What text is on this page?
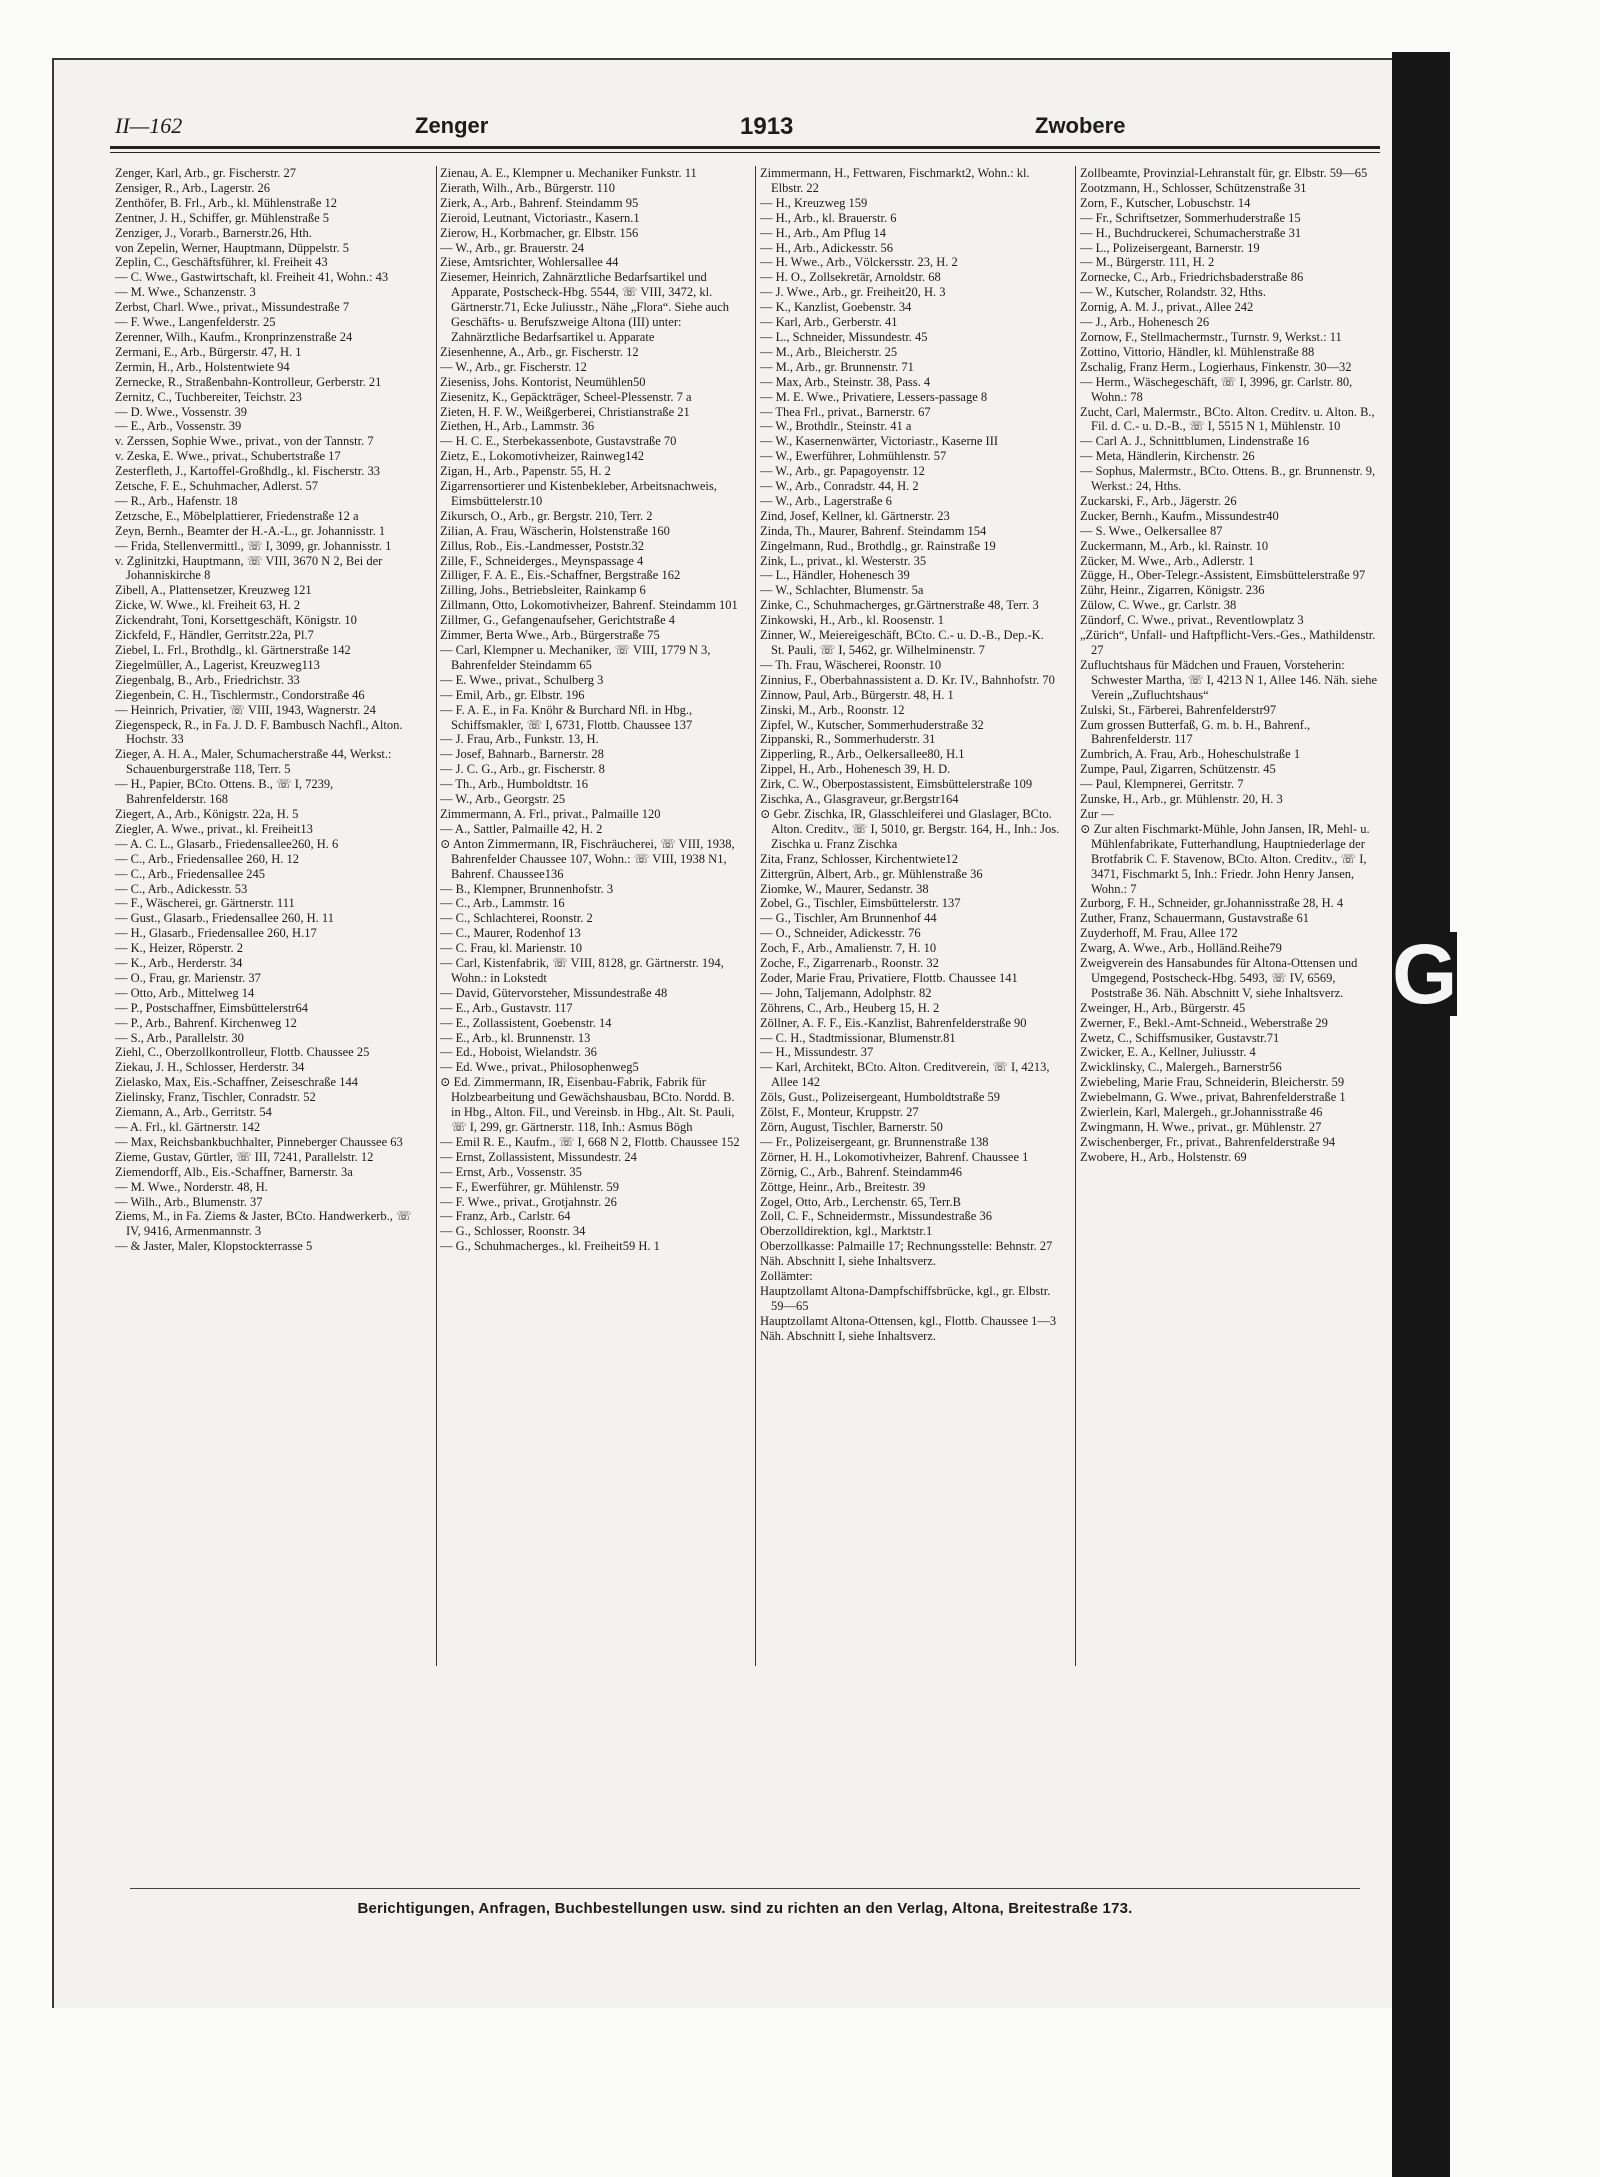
G
II—162	Zenger	1913	Zwobere

Zenger, Karl, Arb., gr. Fischerstr. 27

Zensiger, R., Arb., Lagerstr. 26

Zenthöfer, B. Frl., Arb., kl. Mühlenstraße 12

Zentner, J. H., Schiffer, gr. Mühlenstraße 5

Zenziger, J., Vorarb., Barnerstr.26, Hth.

von Zepelin, Werner, Hauptmann, Düppelstr. 5

Zeplin, C., Geschäftsführer, kl. Freiheit 43

— C. Wwe., Gastwirtschaft, kl. Freiheit 41, Wohn.: 43

— M. Wwe., Schanzenstr. 3

Zerbst, Charl. Wwe., privat., Missundestraße 7

— F. Wwe., Langenfelderstr. 25

Zerenner, Wilh., Kaufm., Kronprinzenstraße 24

Zermani, E., Arb., Bürgerstr. 47, H. 1

Zermin, H., Arb., Holstentwiete 94

Zernecke, R., Straßenbahn-Kontrolleur, Gerberstr. 21

Zernitz, C., Tuchbereiter, Teichstr. 23

— D. Wwe., Vossenstr. 39

— E., Arb., Vossenstr. 39

v. Zerssen, Sophie Wwe., privat., von der Tannstr. 7

v. Zeska, E. Wwe., privat., Schubertstraße 17

Zesterfleth, J., Kartoffel-Großhdlg., kl. Fischerstr. 33

Zetsche, F. E., Schuhmacher, Adlerst. 57

— R., Arb., Hafenstr. 18

Zetzsche, E., Möbelplattierer, Friedenstraße 12 a

Zeyn, Bernh., Beamter der H.-A.-L., gr. Johannisstr. 1

— Frida, Stellenvermittl., ☏ I, 3099, gr. Johannisstr. 1

v. Zglinitzki, Hauptmann, ☏ VIII, 3670 N 2, Bei der Johanniskirche 8

Zibell, A., Plattensetzer, Kreuzweg 121

Zicke, W. Wwe., kl. Freiheit 63, H. 2

Zickendraht, Toni, Korsettgeschäft, Königstr. 10

Zickfeld, F., Händler, Gerritstr.22a, Pl.7

Ziebel, L. Frl., Brothdlg., kl. Gärtnerstraße 142

Ziegelmüller, A., Lagerist, Kreuzweg113

Ziegenbalg, B., Arb., Friedrichstr. 33

Ziegenbein, C. H., Tischlermstr., Condorstraße 46

— Heinrich, Privatier, ☏ VIII, 1943, Wagnerstr. 24

Ziegenspeck, R., in Fa. J. D. F. Bambusch Nachfl., Alton. Hochstr. 33

Zieger, A. H. A., Maler, Schumacherstraße 44, Werkst.: Schauenburgerstraße 118, Terr. 5

— H., Papier, BCto. Ottens. B., ☏ I, 7239, Bahrenfelderstr. 168

Ziegert, A., Arb., Königstr. 22a, H. 5

Ziegler, A. Wwe., privat., kl. Freiheit13

— A. C. L., Glasarb., Friedensallee260, H. 6

— C., Arb., Friedensallee 260, H. 12

— C., Arb., Friedensallee 245

— C., Arb., Adickesstr. 53

— F., Wäscherei, gr. Gärtnerstr. 111

— Gust., Glasarb., Friedensallee 260, H. 11

— H., Glasarb., Friedensallee 260, H.17

— K., Heizer, Röperstr. 2

— K., Arb., Herderstr. 34

— O., Frau, gr. Marienstr. 37

— Otto, Arb., Mittelweg 14

— P., Postschaffner, Eimsbüttelerstr64

— P., Arb., Bahrenf. Kirchenweg 12

— S., Arb., Parallelstr. 30

Ziehl, C., Oberzollkontrolleur, Flottb. Chaussee 25

Ziekau, J. H., Schlosser, Herderstr. 34

Zielasko, Max, Eis.-Schaffner, Zeiseschraße 144

Zielinsky, Franz, Tischler, Conradstr. 52

Ziemann, A., Arb., Gerritstr. 54

— A. Frl., kl. Gärtnerstr. 142

— Max, Reichsbankbuchhalter, Pinneberger Chaussee 63

Zieme, Gustav, Gürtler, ☏ III, 7241, Parallelstr. 12

Ziemendorff, Alb., Eis.-Schaffner, Barnerstr. 3a

— M. Wwe., Norderstr. 48, H.

— Wilh., Arb., Blumenstr. 37

Ziems, M., in Fa. Ziems & Jaster, BCto. Handwerkerb., ☏ IV, 9416, Armenmannstr. 3

— & Jaster, Maler, Klopstockterrasse 5

Zienau, A. E., Klempner u. Mechaniker Funkstr. 11

Zierath, Wilh., Arb., Bürgerstr. 110

Zierk, A., Arb., Bahrenf. Steindamm 95

Zieroid, Leutnant, Victoriastr., Kasern.1

Zierow, H., Korbmacher, gr. Elbstr. 156

— W., Arb., gr. Brauerstr. 24

Ziese, Amtsrichter, Wohlersallee 44

Ziesemer, Heinrich, Zahnärztliche Bedarfsartikel und Apparate, Postscheck-Hbg. 5544, ☏ VIII, 3472, kl. Gärtnerstr.71, Ecke Juliusstr., Nähe „Flora“. Siehe auch Geschäfts- u. Berufszweige Altona (III) unter: Zahnärztliche Bedarfsartikel u. Apparate

Ziesenhenne, A., Arb., gr. Fischerstr. 12

— W., Arb., gr. Fischerstr. 12

Zieseniss, Johs. Kontorist, Neumühlen50

Ziesenitz, K., Gepäckträger, Scheel-Plessenstr. 7 a

Zieten, H. F. W., Weißgerberei, Christianstraße 21

Ziethen, H., Arb., Lammstr. 36

— H. C. E., Sterbekassenbote, Gustavstraße 70

Zietz, E., Lokomotivheizer, Rainweg142

Zigan, H., Arb., Papenstr. 55, H. 2

Zigarrensortierer und Kistenbekleber, Arbeitsnachweis, Eimsbüttelerstr.10

Zikursch, O., Arb., gr. Bergstr. 210, Terr. 2

Zilian, A. Frau, Wäscherin, Holstenstraße 160

Zillus, Rob., Eis.-Landmesser, Poststr.32

Zille, F., Schneiderges., Meynspassage 4

Zilliger, F. A. E., Eis.-Schaffner, Bergstraße 162

Zilling, Johs., Betriebsleiter, Rainkamp 6

Zillmann, Otto, Lokomotivheizer, Bahrenf. Steindamm 101

Zillmer, G., Gefangenaufseher, Gerichtstraße 4

Zimmer, Berta Wwe., Arb., Bürgerstraße 75

— Carl, Klempner u. Mechaniker, ☏ VIII, 1779 N 3, Bahrenfelder Steindamm 65

— E. Wwe., privat., Schulberg 3

— Emil, Arb., gr. Elbstr. 196

— F. A. E., in Fa. Knöhr & Burchard Nfl. in Hbg., Schiffsmakler, ☏ I, 6731, Flottb. Chaussee 137

— J. Frau, Arb., Funkstr. 13, H.

— Josef, Bahnarb., Barnerstr. 28

— J. C. G., Arb., gr. Fischerstr. 8

— Th., Arb., Humboldtstr. 16

— W., Arb., Georgstr. 25

Zimmermann, A. Frl., privat., Palmaille 120

— A., Sattler, Palmaille 42, H. 2

⊙ Anton Zimmermann, IR, Fischräucherei, ☏ VIII, 1938, Bahrenfelder Chaussee 107, Wohn.: ☏ VIII, 1938 N1, Bahrenf. Chaussee136

— B., Klempner, Brunnenhofstr. 3

— C., Arb., Lammstr. 16

— C., Schlachterei, Roonstr. 2

— C., Maurer, Rodenhof 13

— C. Frau, kl. Marienstr. 10

— Carl, Kistenfabrik, ☏ VIII, 8128, gr. Gärtnerstr. 194, Wohn.: in Lokstedt

— David, Gütervorsteher, Missundestraße 48

— E., Arb., Gustavstr. 117

— E., Zollassistent, Goebenstr. 14

— E., Arb., kl. Brunnenstr. 13

— Ed., Hoboist, Wielandstr. 36

— Ed. Wwe., privat., Philosophenweg5

⊙ Ed. Zimmermann, IR, Eisenbau-Fabrik, Fabrik für Holzbearbeitung und Gewächshausbau, BCto. Nordd. B. in Hbg., Alton. Fil., und Vereinsb. in Hbg., Alt. St. Pauli, ☏ I, 299, gr. Gärtnerstr. 118, Inh.: Asmus Bögh

— Emil R. E., Kaufm., ☏ I, 668 N 2, Flottb. Chaussee 152

— Ernst, Zollassistent, Missundestr. 24

— Ernst, Arb., Vossenstr. 35

— F., Ewerführer, gr. Mühlenstr. 59

— F. Wwe., privat., Grotjahnstr. 26

— Franz, Arb., Carlstr. 64

— G., Schlosser, Roonstr. 34

— G., Schuhmacherges., kl. Freiheit59 H. 1

Zimmermann, H., Fettwaren, Fischmarkt2, Wohn.: kl. Elbstr. 22

— H., Kreuzweg 159

— H., Arb., kl. Brauerstr. 6

— H., Arb., Am Pflug 14

— H., Arb., Adickesstr. 56

— H. Wwe., Arb., Völckersstr. 23, H. 2

— H. O., Zollsekretär, Arnoldstr. 68

— J. Wwe., Arb., gr. Freiheit20, H. 3

— K., Kanzlist, Goebenstr. 34

— Karl, Arb., Gerberstr. 41

— L., Schneider, Missundestr. 45

— M., Arb., Bleicherstr. 25

— M., Arb., gr. Brunnenstr. 71

— Max, Arb., Steinstr. 38, Pass. 4

— M. E. Wwe., Privatiere, Lessers-passage 8

— Thea Frl., privat., Barnerstr. 67

— W., Brothdlr., Steinstr. 41 a

— W., Kasernenwärter, Victoriastr., Kaserne III

— W., Ewerführer, Lohmühlenstr. 57

— W., Arb., gr. Papagoyenstr. 12

— W., Arb., Conradstr. 44, H. 2

— W., Arb., Lagerstraße 6

Zind, Josef, Kellner, kl. Gärtnerstr. 23

Zinda, Th., Maurer, Bahrenf. Steindamm 154

Zingelmann, Rud., Brothdlg., gr. Rainstraße 19

Zink, L., privat., kl. Westerstr. 35

— L., Händler, Hohenesch 39

— W., Schlachter, Blumenstr. 5a

Zinke, C., Schuhmacherges, gr.Gärtnerstraße 48, Terr. 3

Zinkowski, H., Arb., kl. Roosenstr. 1

Zinner, W., Meiereigeschäft, BCto. C.- u. D.-B., Dep.-K. St. Pauli, ☏ I, 5462, gr. Wilhelminenstr. 7

— Th. Frau, Wäscherei, Roonstr. 10

Zinnius, F., Oberbahnassistent a. D. Kr. IV., Bahnhofstr. 70

Zinnow, Paul, Arb., Bürgerstr. 48, H. 1

Zinski, M., Arb., Roonstr. 12

Zipfel, W., Kutscher, Sommerhuderstraße 32

Zippanski, R., Sommerhuderstr. 31

Zipperling, R., Arb., Oelkersallee80, H.1

Zippel, H., Arb., Hohenesch 39, H. D.

Zirk, C. W., Oberpostassistent, Eimsbüttelerstraße 109

Zischka, A., Glasgraveur, gr.Bergstr164

⊙ Gebr. Zischka, IR, Glasschleiferei und Glaslager, BCto. Alton. Creditv., ☏ I, 5010, gr. Bergstr. 164, H., Inh.: Jos. Zischka u. Franz Zischka

Zita, Franz, Schlosser, Kirchentwiete12

Zittergrün, Albert, Arb., gr. Mühlenstraße 36

Ziomke, W., Maurer, Sedanstr. 38

Zobel, G., Tischler, Eimsbüttelerstr. 137

— G., Tischler, Am Brunnenhof 44

— O., Schneider, Adickesstr. 76

Zoch, F., Arb., Amalienstr. 7, H. 10

Zoche, F., Zigarrenarb., Roonstr. 32

Zoder, Marie Frau, Privatiere, Flottb. Chaussee 141

— John, Taljemann, Adolphstr. 82

Zöhrens, C., Arb., Heuberg 15, H. 2

Zöllner, A. F. F., Eis.-Kanzlist, Bahrenfelderstraße 90

— C. H., Stadtmissionar, Blumenstr.81

— H., Missundestr. 37

— Karl, Architekt, BCto. Alton. Creditverein, ☏ I, 4213, Allee 142

Zöls, Gust., Polizeisergeant, Humboldtstraße 59

Zölst, F., Monteur, Kruppstr. 27

Zörn, August, Tischler, Barnerstr. 50

— Fr., Polizeisergeant, gr. Brunnenstraße 138

Zörner, H. H., Lokomotivheizer, Bahrenf. Chaussee 1

Zörnig, C., Arb., Bahrenf. Steindamm46

Zöttge, Heinr., Arb., Breitestr. 39

Zogel, Otto, Arb., Lerchenstr. 65, Terr.B

Zoll, C. F., Schneidermstr., Missundestraße 36

Oberzolldirektion, kgl., Marktstr.1

Oberzollkasse: Palmaille 17; Rechnungsstelle: Behnstr. 27

Näh. Abschnitt I, siehe Inhaltsverz.

Zollämter:

Hauptzollamt Altona-Dampfschiffsbrücke, kgl., gr. Elbstr. 59—65

Hauptzollamt Altona-Ottensen, kgl., Flottb. Chaussee 1—3

Näh. Abschnitt I, siehe Inhaltsverz.

Zollbeamte, Provinzial-Lehranstalt für, gr. Elbstr. 59—65

Zootzmann, H., Schlosser, Schützenstraße 31

Zorn, F., Kutscher, Lobuschstr. 14

— Fr., Schriftsetzer, Sommerhuderstraße 15

— H., Buchdruckerei, Schumacherstraße 31

— L., Polizeisergeant, Barnerstr. 19

— M., Bürgerstr. 111, H. 2

Zornecke, C., Arb., Friedrichsbaderstraße 86

— W., Kutscher, Rolandstr. 32, Hths.

Zornig, A. M. J., privat., Allee 242

— J., Arb., Hohenesch 26

Zornow, F., Stellmachermstr., Turnstr. 9, Werkst.: 11

Zottino, Vittorio, Händler, kl. Mühlenstraße 88

Zschalig, Franz Herm., Logierhaus, Finkenstr. 30—32

— Herm., Wäschegeschäft, ☏ I, 3996, gr. Carlstr. 80, Wohn.: 78

Zucht, Carl, Malermstr., BCto. Alton. Creditv. u. Alton. B., Fil. d. C.- u. D.-B., ☏ I, 5515 N 1, Mühlenstr. 10

— Carl A. J., Schnittblumen, Lindenstraße 16

— Meta, Händlerin, Kirchenstr. 26

— Sophus, Malermstr., BCto. Ottens. B., gr. Brunnenstr. 9, Werkst.: 24, Hths.

Zuckarski, F., Arb., Jägerstr. 26

Zucker, Bernh., Kaufm., Missundestr40

— S. Wwe., Oelkersallee 87

Zuckermann, M., Arb., kl. Rainstr. 10

Zücker, M. Wwe., Arb., Adlerstr. 1

Zügge, H., Ober-Telegr.-Assistent, Eimsbüttelerstraße 97

Zühr, Heinr., Zigarren, Königstr. 236

Zülow, C. Wwe., gr. Carlstr. 38

Zündorf, C. Wwe., privat., Reventlowplatz 3

„Zürich“, Unfall- und Haftpflicht-Vers.-Ges., Mathildenstr. 27

Zufluchtshaus für Mädchen und Frauen, Vorsteherin: Schwester Martha, ☏ I, 4213 N 1, Allee 146. Näh. siehe Verein „Zufluchtshaus“

Zulski, St., Färberei, Bahrenfelderstr97

Zum grossen Butterfaß, G. m. b. H., Bahrenf., Bahrenfelderstr. 117

Zumbrich, A. Frau, Arb., Hoheschulstraße 1

Zumpe, Paul, Zigarren, Schützenstr. 45

— Paul, Klempnerei, Gerritstr. 7

Zunske, H., Arb., gr. Mühlenstr. 20, H. 3

Zur —

⊙ Zur alten Fischmarkt-Mühle, John Jansen, IR, Mehl- u. Mühlenfabrikate, Futterhandlung, Hauptniederlage der Brotfabrik C. F. Stavenow, BCto. Alton. Creditv., ☏ I, 3471, Fischmarkt 5, Inh.: Friedr. John Henry Jansen, Wohn.: 7

Zurborg, F. H., Schneider, gr.Johannisstraße 28, H. 4

Zuther, Franz, Schauermann, Gustavstraße 61

Zuyderhoff, M. Frau, Allee 172

Zwarg, A. Wwe., Arb., Holländ.Reihe79

Zweigverein des Hansabundes für Altona-Ottensen und Umgegend, Postscheck-Hbg. 5493, ☏ IV, 6569, Poststraße 36. Näh. Abschnitt V, siehe Inhaltsverz.

Zweinger, H., Arb., Bürgerstr. 45

Zwerner, F., Bekl.-Amt-Schneid., Weberstraße 29

Zwetz, C., Schiffsmusiker, Gustavstr.71

Zwicker, E. A., Kellner, Juliusstr. 4

Zwicklinsky, C., Malergeh., Barnerstr56

Zwiebeling, Marie Frau, Schneiderin, Bleicherstr. 59

Zwiebelmann, G. Wwe., privat, Bahrenfelderstraße 1

Zwierlein, Karl, Malergeh., gr.Johannisstraße 46

Zwingmann, H. Wwe., privat., gr. Mühlenstr. 27

Zwischenberger, Fr., privat., Bahrenfelderstraße 94

Zwobere, H., Arb., Holstenstr. 69

Berichtigungen, Anfragen, Buchbestellungen usw. sind zu richten an den Verlag, Altona, Breitestraße 173.
